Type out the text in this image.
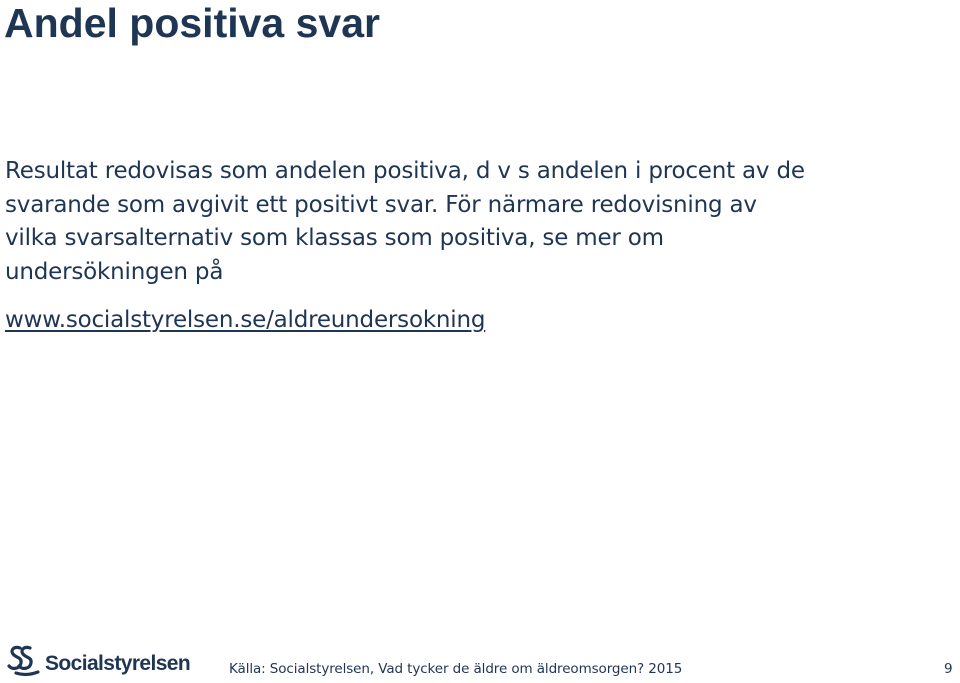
Andel positiva svar

Resultat redovisas som andelen positiva, d v s andelen i procent av de svarande som avgivit ett positivt svar. För närmare redovisning av vilka svarsalternativ som klassas som positiva, se mer om undersökningen på

www.socialstyrelsen.se/aldreundersokning
Socialstyrelsen	Källa: Socialstyrelsen, Vad tycker de äldre om äldreomsorgen? 2015	9
